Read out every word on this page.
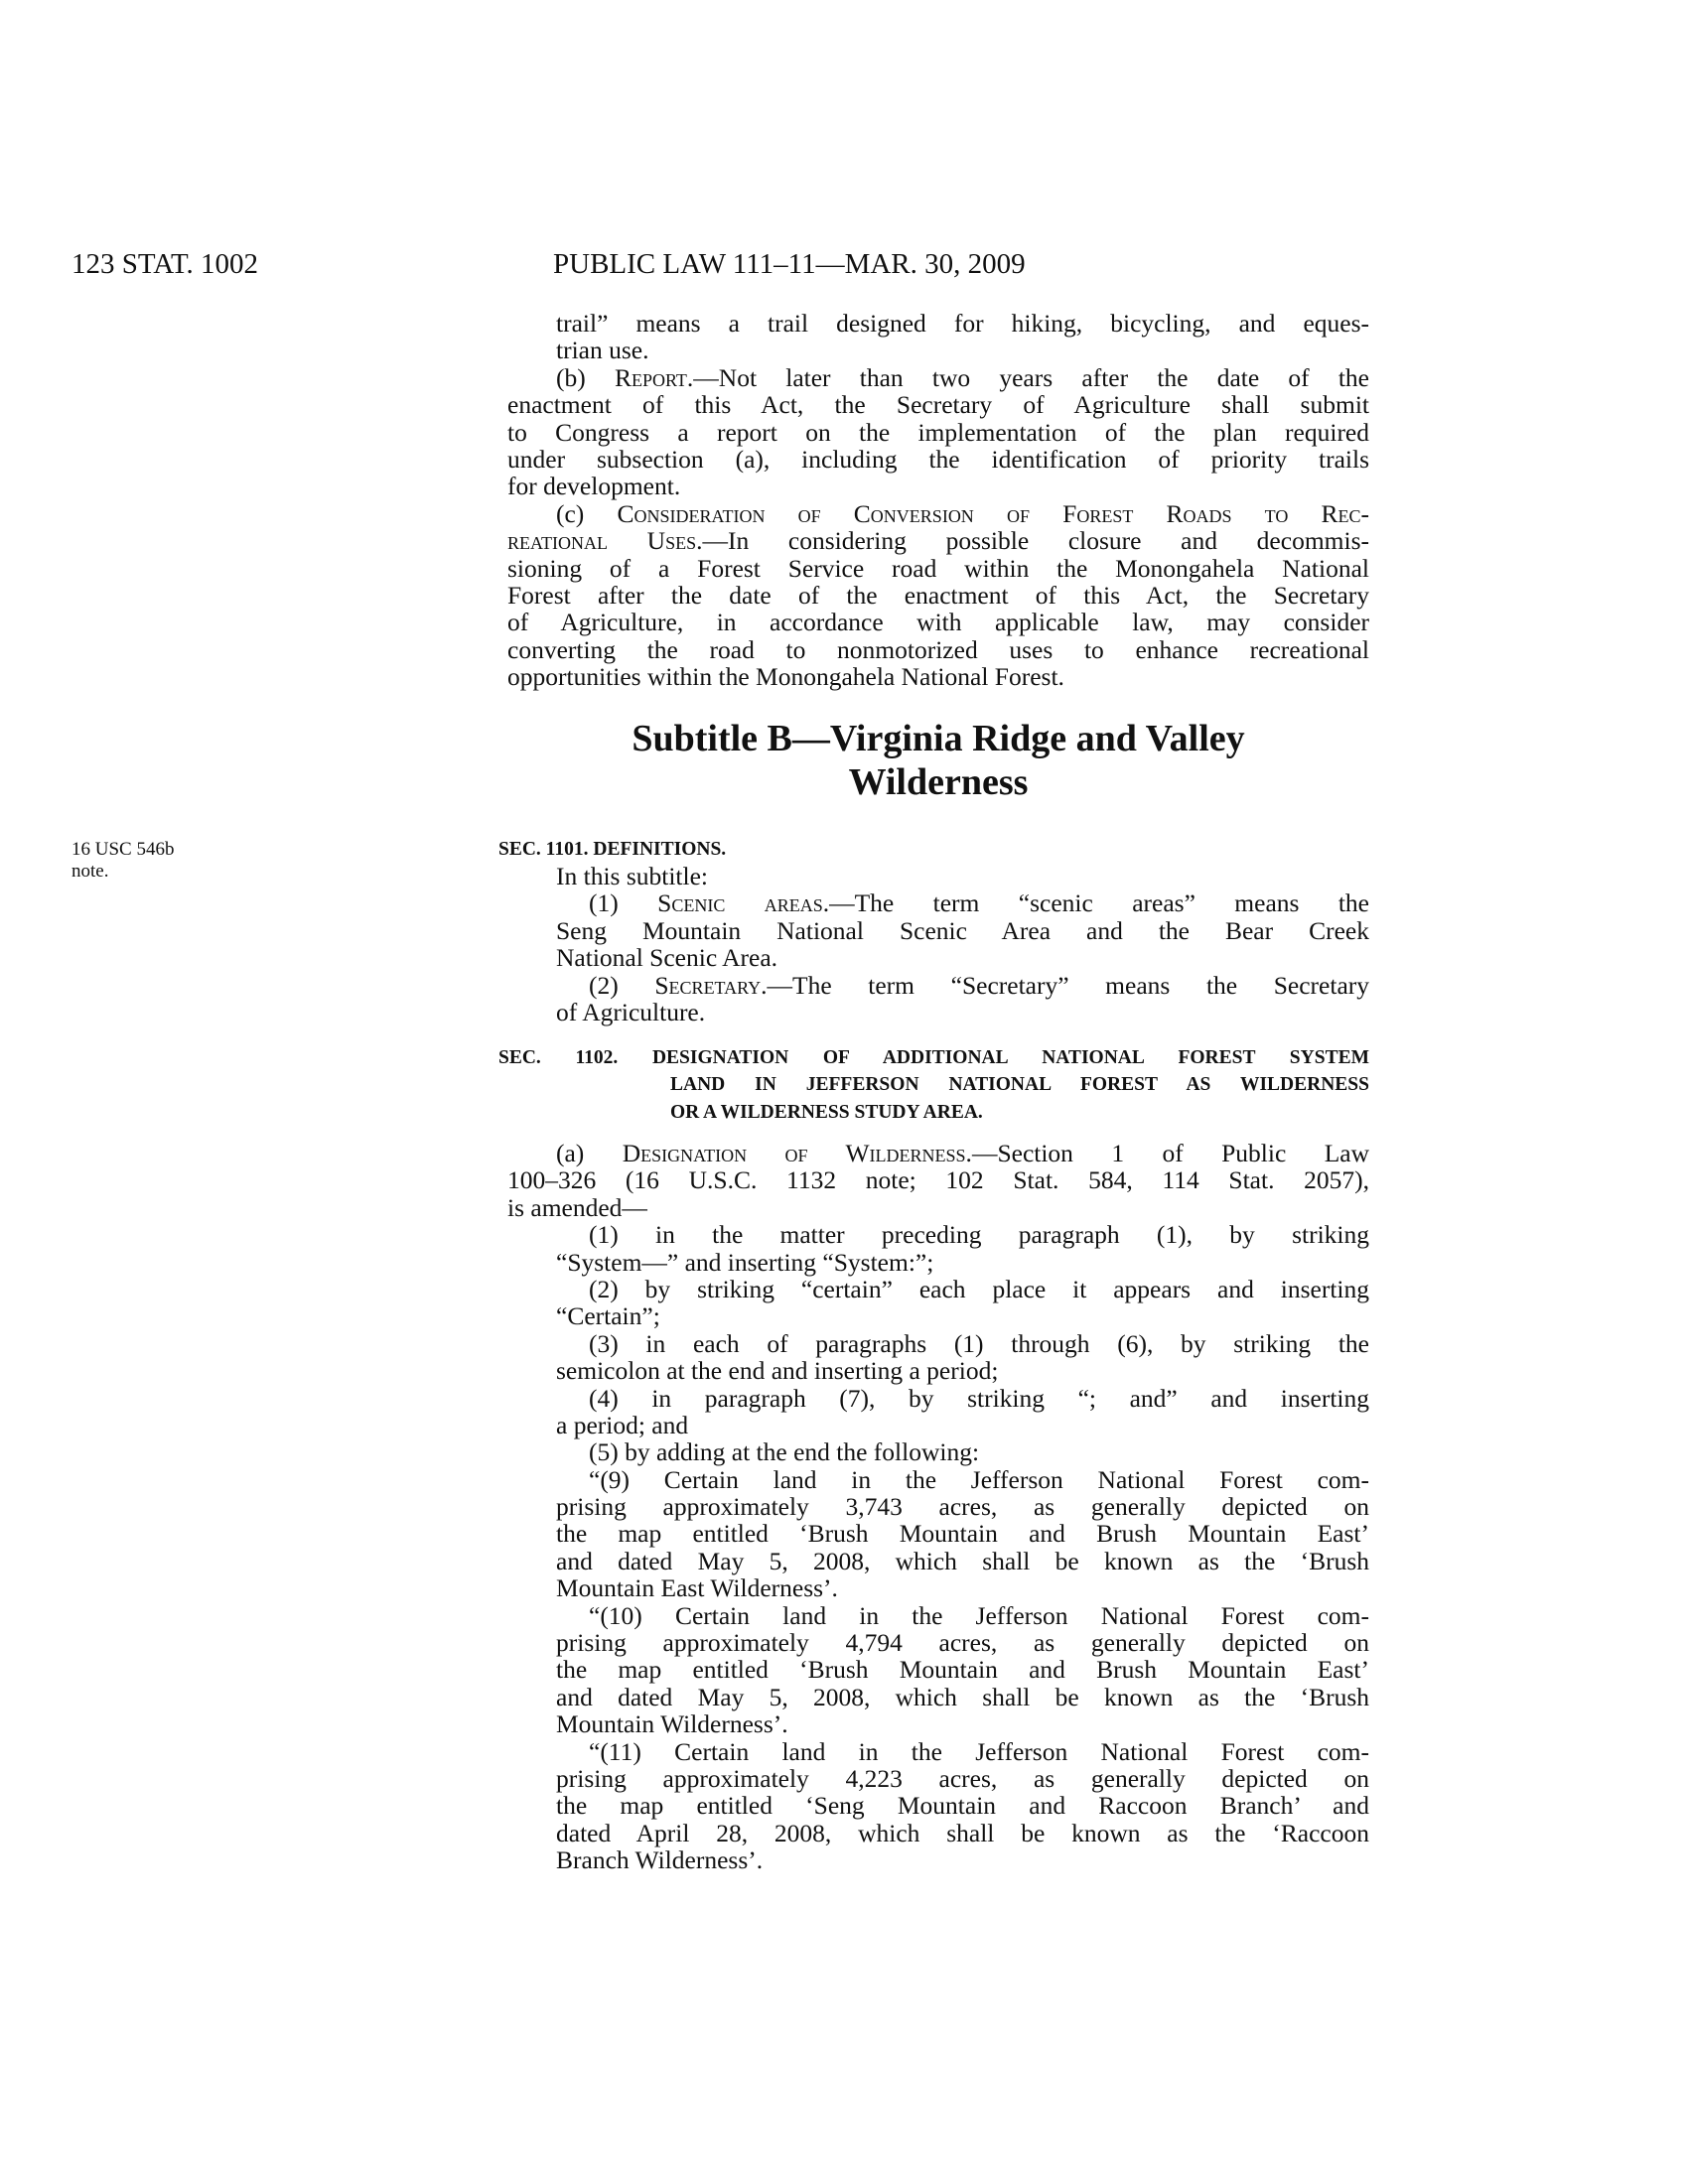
123 STAT. 1002	PUBLIC LAW 111–11—MAR. 30, 2009
trail” means a trail designed for hiking, bicycling, and eques-
trian use.
(b) Report.—Not later than two years after the date of the
enactment of this Act, the Secretary of Agriculture shall submit
to Congress a report on the implementation of the plan required
under subsection (a), including the identification of priority trails
for development.
(c) Consideration of Conversion of Forest Roads to Rec-
reational Uses.—In considering possible closure and decommis-
sioning of a Forest Service road within the Monongahela National
Forest after the date of the enactment of this Act, the Secretary
of Agriculture, in accordance with applicable law, may consider
converting the road to nonmotorized uses to enhance recreational
opportunities within the Monongahela National Forest.
Subtitle B—Virginia Ridge and Valley
Wilderness
16 USC 546b
note.
SEC. 1101. DEFINITIONS.
In this subtitle:
(1) Scenic areas.—The term “scenic areas” means the
Seng Mountain National Scenic Area and the Bear Creek
National Scenic Area.
(2) Secretary.—The term “Secretary” means the Secretary
of Agriculture.
SEC. 1102. DESIGNATION OF ADDITIONAL NATIONAL FOREST SYSTEM
LAND IN JEFFERSON NATIONAL FOREST AS WILDERNESS
OR A WILDERNESS STUDY AREA.
(a) Designation of Wilderness.—Section 1 of Public Law
100–326 (16 U.S.C. 1132 note; 102 Stat. 584, 114 Stat. 2057),
is amended—
(1) in the matter preceding paragraph (1), by striking
“System—” and inserting “System:”;
(2) by striking “certain” each place it appears and inserting
“Certain”;
(3) in each of paragraphs (1) through (6), by striking the
semicolon at the end and inserting a period;
(4) in paragraph (7), by striking “; and” and inserting
a period; and
(5) by adding at the end the following:
“(9) Certain land in the Jefferson National Forest com-
prising approximately 3,743 acres, as generally depicted on
the map entitled ‘Brush Mountain and Brush Mountain East’
and dated May 5, 2008, which shall be known as the ‘Brush
Mountain East Wilderness’.
“(10) Certain land in the Jefferson National Forest com-
prising approximately 4,794 acres, as generally depicted on
the map entitled ‘Brush Mountain and Brush Mountain East’
and dated May 5, 2008, which shall be known as the ‘Brush
Mountain Wilderness’.
“(11) Certain land in the Jefferson National Forest com-
prising approximately 4,223 acres, as generally depicted on
the map entitled ‘Seng Mountain and Raccoon Branch’ and
dated April 28, 2008, which shall be known as the ‘Raccoon
Branch Wilderness’.
